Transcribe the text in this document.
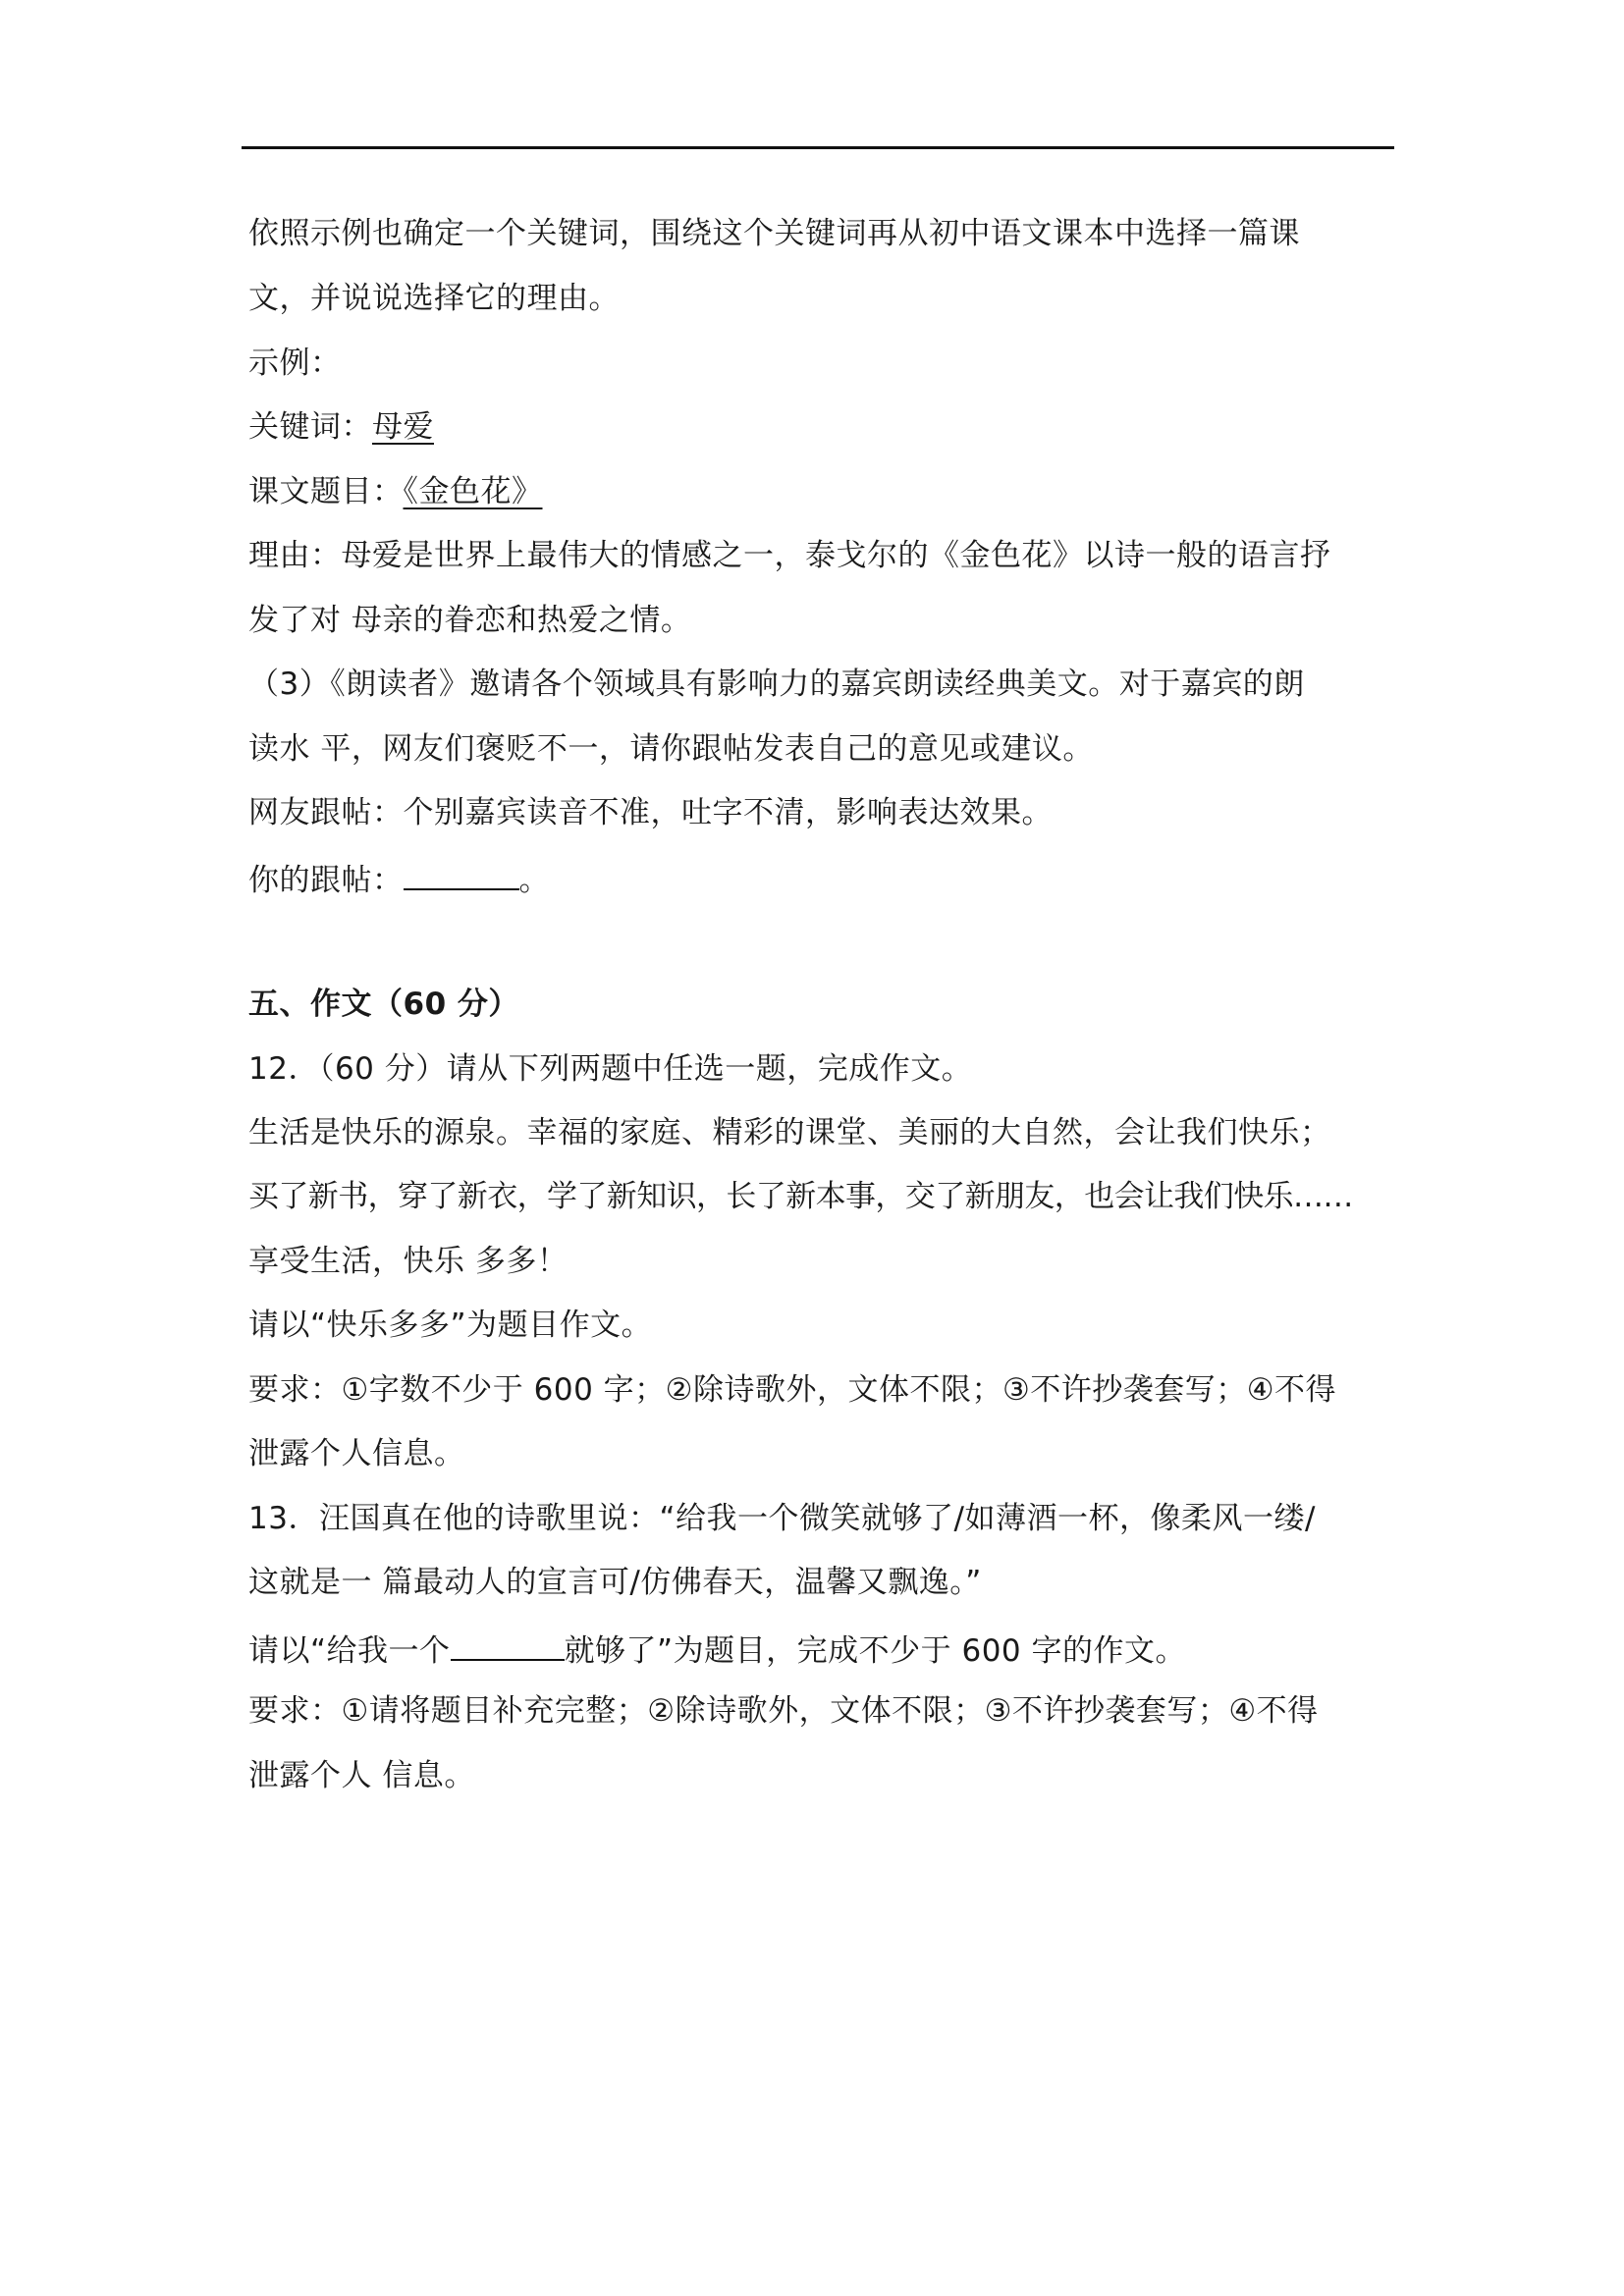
依照示例也确定一个关键词，围绕这个关键词再从初中语文课本中选择一篇课
文，并说说选择它的理由。
示例：
关键词：母爱
课文题目：《金色花》
理由：母爱是世界上最伟大的情感之一，泰戈尔的《金色花》以诗一般的语言抒
发了对 母亲的眷恋和热爱之情。
（3）《朗读者》邀请各个领域具有影响力的嘉宾朗读经典美文。对于嘉宾的朗
读水 平，网友们褒贬不一，请你跟帖发表自己的意见或建议。
网友跟帖：个别嘉宾读音不准，吐字不清，影响表达效果。
你的跟帖：	。
五、作文（60 分）
12．（60 分）请从下列两题中任选一题，完成作文。
生活是快乐的源泉。幸福的家庭、精彩的课堂、美丽的大自然，会让我们快乐；
买了新书，穿了新衣，学了新知识，长了新本事，交了新朋友，也会让我们快乐……
享受生活，快乐 多多！
请以“快乐多多”为题目作文。
要求：①字数不少于 600 字；②除诗歌外，文体不限；③不许抄袭套写；④不得
泄露个人信息。
13．汪国真在他的诗歌里说：“给我一个微笑就够了/如薄酒一杯，像柔风一缕/
这就是一 篇最动人的宣言可/仿佛春天，温馨又飘逸。”
请以“给我一个	就够了”为题目，完成不少于 600 字的作文。
要求：①请将题目补充完整；②除诗歌外，文体不限；③不许抄袭套写；④不得
泄露个人 信息。
